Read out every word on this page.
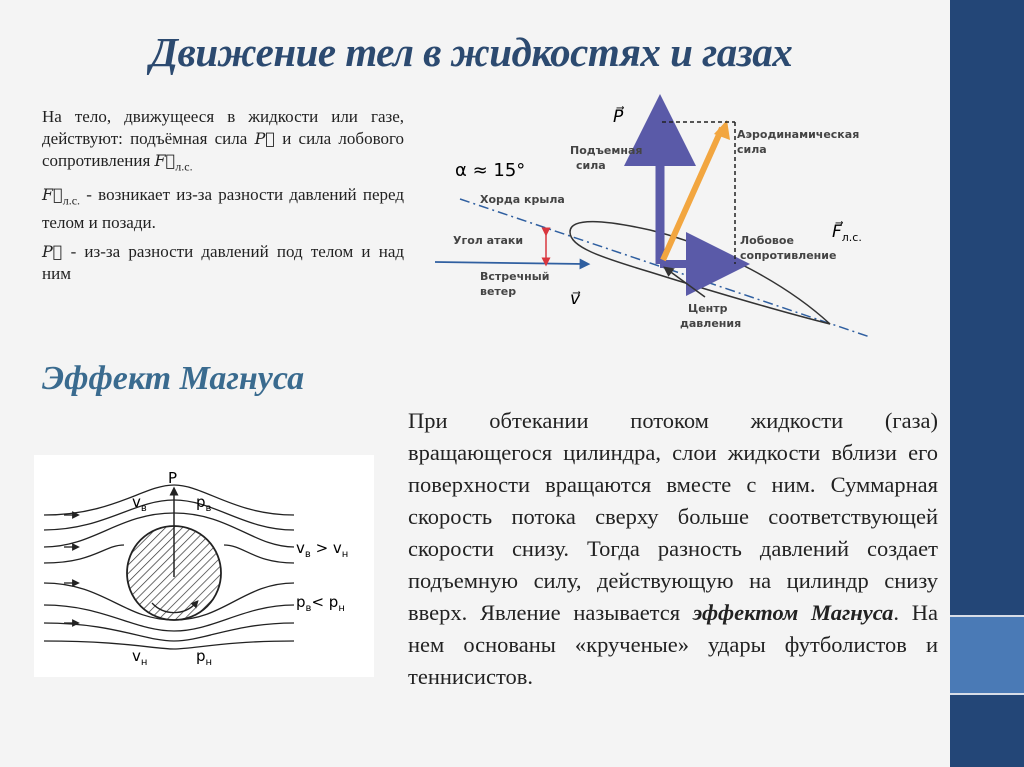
Движение тел в жидкостях и газах

На тело, движущееся в жидкости или газе, действуют: подъёмная сила P⃗ и сила лобового сопротивления $F⃗_{л.с.}$

$F⃗_{л.с.}$ - возникает из-за разности давлений перед телом и позади.

P⃗ - из-за разности давлений под телом и над ним

P⃗
α ≈ 15°
Хорда крыла
Подъемная
сила
Аэродинамическая
сила
Лобовое
сопротивление
$F⃗_{л.с.}$
Угол атаки
Встречный
ветер	v⃗	Центр
давления
Эффект Магнуса
P
$v_в$	$p_в$
$v_в > v_н$
$p_в< p_н$
$v_н$	$p_н$
При обтекании потоком жидкости (газа) вращающегося цилиндра, слои жидкости вблизи его поверхности вращаются вместе с ним. Суммарная скорость потока сверху больше соответствующей скорости снизу. Тогда разность давлений создает подъемную силу, действующую на цилиндр снизу вверх. Явление называется эффектом Магнуса. На нем основаны «крученые» удары футболистов и теннисистов.
